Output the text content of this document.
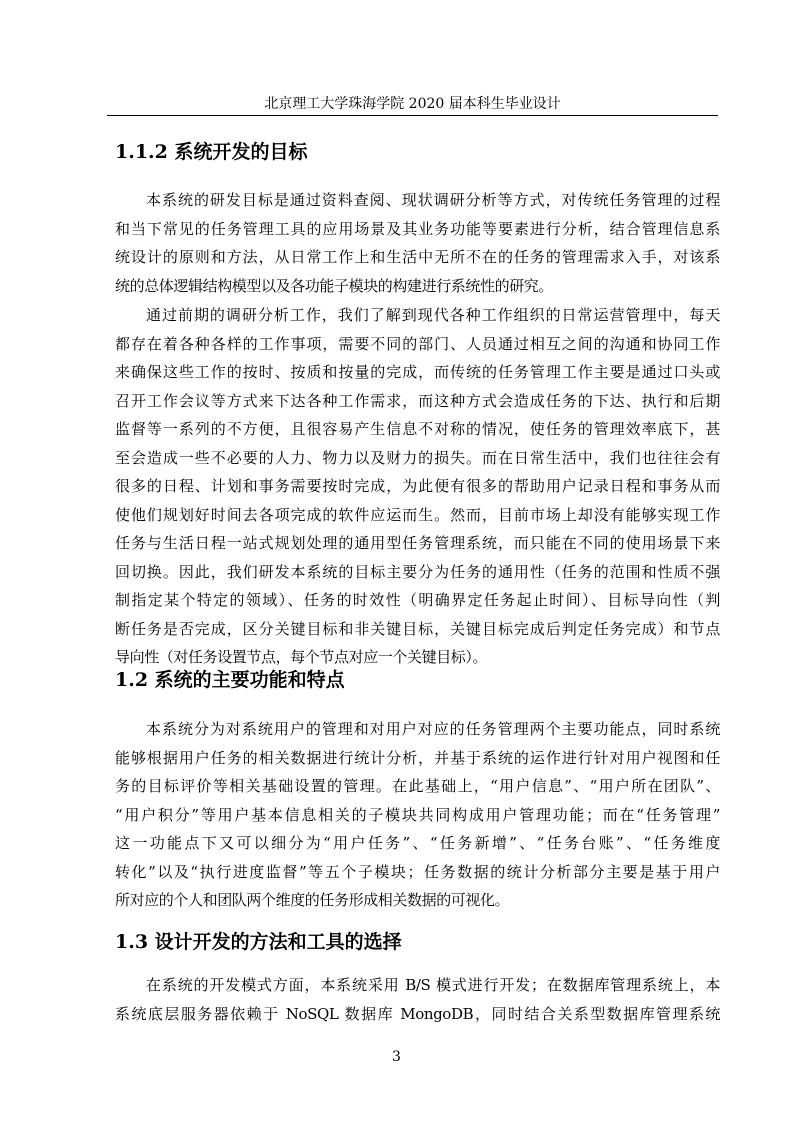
北京理工大学珠海学院 2020 届本科生毕业设计
1.1.2 系统开发的目标
本系统的研发目标是通过资料查阅、现状调研分析等方式，对传统任务管理的过程
和当下常见的任务管理工具的应用场景及其业务功能等要素进行分析，结合管理信息系
统设计的原则和方法，从日常工作上和生活中无所不在的任务的管理需求入手，对该系
统的总体逻辑结构模型以及各功能子模块的构建进行系统性的研究。
通过前期的调研分析工作，我们了解到现代各种工作组织的日常运营管理中，每天
都存在着各种各样的工作事项，需要不同的部门、人员通过相互之间的沟通和协同工作
来确保这些工作的按时、按质和按量的完成，而传统的任务管理工作主要是通过口头或
召开工作会议等方式来下达各种工作需求，而这种方式会造成任务的下达、执行和后期
监督等一系列的不方便，且很容易产生信息不对称的情况，使任务的管理效率底下，甚
至会造成一些不必要的人力、物力以及财力的损失。而在日常生活中，我们也往往会有
很多的日程、计划和事务需要按时完成，为此便有很多的帮助用户记录日程和事务从而
使他们规划好时间去各项完成的软件应运而生。然而，目前市场上却没有能够实现工作
任务与生活日程一站式规划处理的通用型任务管理系统，而只能在不同的使用场景下来
回切换。因此，我们研发本系统的目标主要分为任务的通用性（任务的范围和性质不强
制指定某个特定的领域）、任务的时效性（明确界定任务起止时间）、目标导向性（判
断任务是否完成，区分关键目标和非关键目标，关键目标完成后判定任务完成）和节点
导向性（对任务设置节点，每个节点对应一个关键目标）。
1.2 系统的主要功能和特点
本系统分为对系统用户的管理和对用户对应的任务管理两个主要功能点，同时系统
能够根据用户任务的相关数据进行统计分析，并基于系统的运作进行针对用户视图和任
务的目标评价等相关基础设置的管理。在此基础上，“用户信息”、“用户所在团队”、
“用户积分”等用户基本信息相关的子模块共同构成用户管理功能；而在“任务管理”
这一功能点下又可以细分为“用户任务”、“任务新增”、“任务台账”、“任务维度
转化”以及“执行进度监督”等五个子模块；任务数据的统计分析部分主要是基于用户
所对应的个人和团队两个维度的任务形成相关数据的可视化。
1.3 设计开发的方法和工具的选择
在系统的开发模式方面，本系统采用 B/S 模式进行开发；在数据库管理系统上，本
系统底层服务器依赖于 NoSQL 数据库 MongoDB，同时结合关系型数据库管理系统
3
